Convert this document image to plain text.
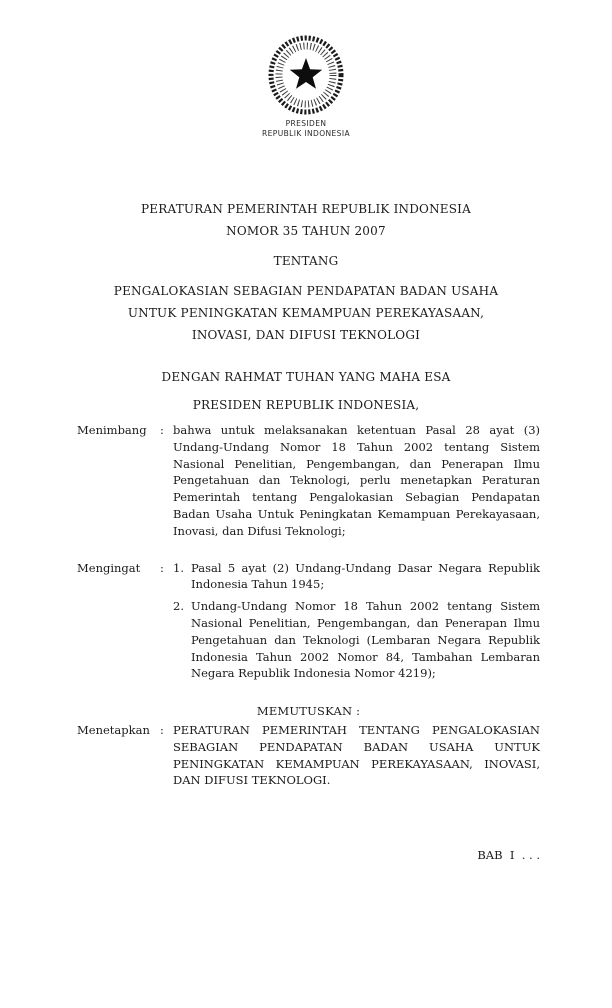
PRESIDEN
REPUBLIK INDONESIA
PERATURAN PEMERINTAH REPUBLIK INDONESIA
NOMOR 35 TAHUN 2007
TENTANG
PENGALOKASIAN SEBAGIAN PENDAPATAN BADAN USAHA
UNTUK PENINGKATAN KEMAMPUAN PEREKAYASAAN,
INOVASI, DAN DIFUSI TEKNOLOGI
DENGAN RAHMAT TUHAN YANG MAHA ESA
PRESIDEN REPUBLIK INDONESIA,
Menimbang	: bahwa untuk melaksanakan ketentuan Pasal 28 ayat (3) Undang-Undang Nomor 18 Tahun 2002 tentang Sistem Nasional Penelitian, Pengembangan, dan Penerapan Ilmu Pengetahuan dan Teknologi, perlu menetapkan Peraturan Pemerintah tentang Pengalokasian Sebagian Pendapatan Badan Usaha Untuk Peningkatan Kemampuan Perekayasaan, Inovasi, dan Difusi Teknologi;
Mengingat	: 1. Pasal 5 ayat (2) Undang-Undang Dasar Negara Republik Indonesia Tahun 1945;
2. Undang-Undang Nomor 18 Tahun 2002 tentang Sistem Nasional Penelitian, Pengembangan, dan Penerapan Ilmu Pengetahuan dan Teknologi (Lembaran Negara Republik Indonesia Tahun 2002 Nomor 84, Tambahan Lembaran Negara Republik Indonesia Nomor 4219);
MEMUTUSKAN :
Menetapkan : PERATURAN PEMERINTAH TENTANG PENGALOKASIAN SEBAGIAN PENDAPATAN BADAN USAHA UNTUK PENINGKATAN KEMAMPUAN PEREKAYASAAN, INOVASI, DAN DIFUSI TEKNOLOGI.
BAB  I  . . .
